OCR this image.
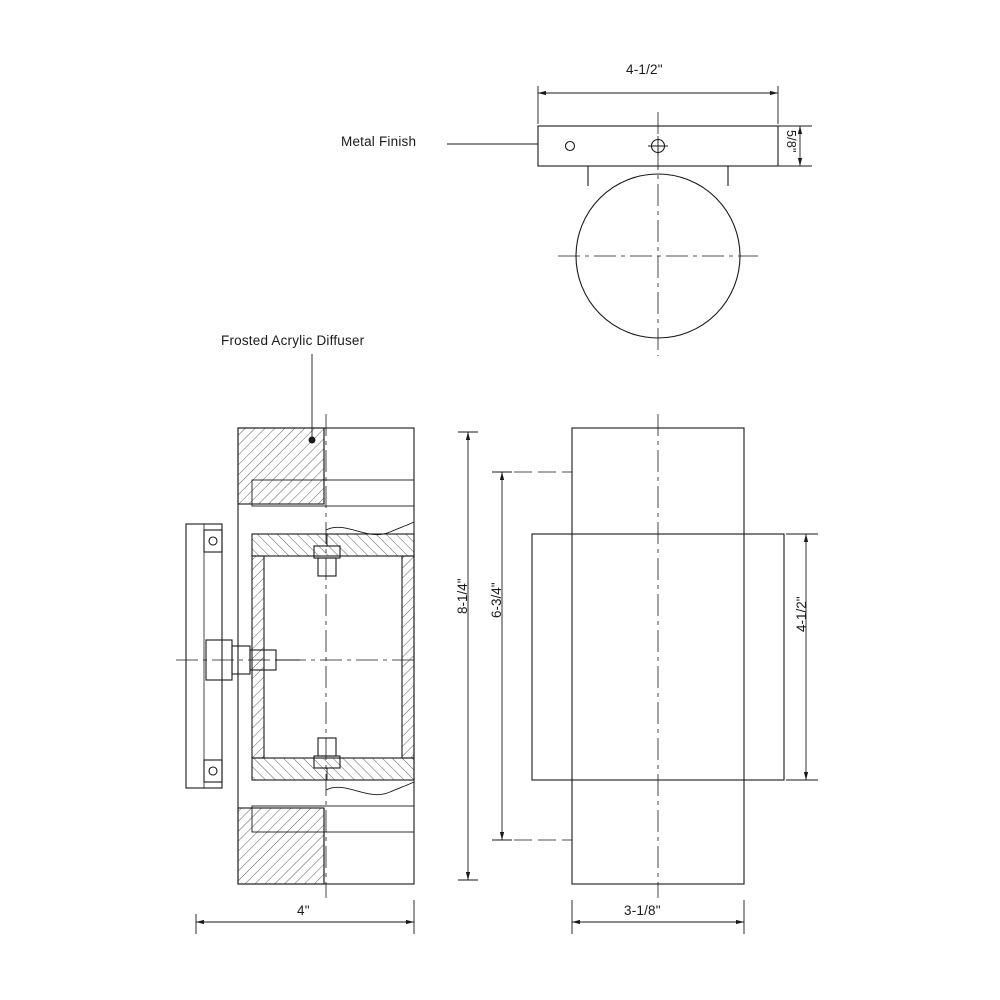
4-1/2"
5/8"
Metal Finish
Frosted Acrylic Diffuser
8-1/4" 6-3/4"
4"
4-1/2"
3-1/8"
